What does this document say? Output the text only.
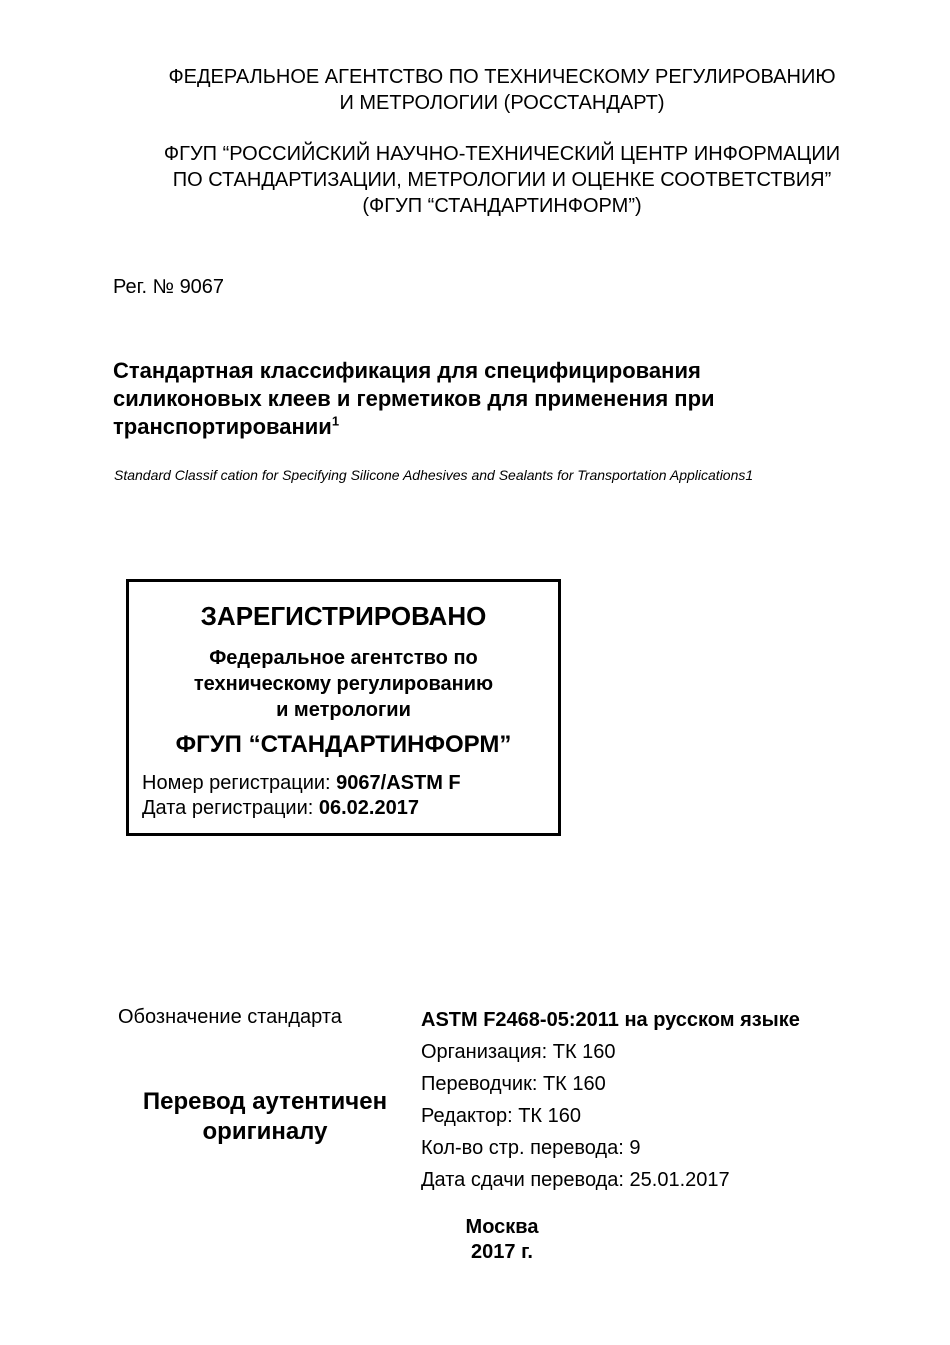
ФЕДЕРАЛЬНОЕ АГЕНТСТВО ПО ТЕХНИЧЕСКОМУ РЕГУЛИРОВАНИЮ
И МЕТРОЛОГИИ (РОССТАНДАРТ)
ФГУП “РОССИЙСКИЙ НАУЧНО-ТЕХНИЧЕСКИЙ ЦЕНТР ИНФОРМАЦИИ
ПО СТАНДАРТИЗАЦИИ, МЕТРОЛОГИИ И ОЦЕНКЕ СООТВЕТСТВИЯ”
(ФГУП “СТАНДАРТИНФОРМ”)
Рег. № 9067
Стандартная классификация для специфицирования
силиконовых клеев и герметиков для применения при
транспортировании$^1$
Standard Classif cation for Specifying Silicone Adhesives and Sealants for Transportation Applications1
ЗАРЕГИСТРИРОВАНО
Федеральное агентство по
техническому регулированию
и метрологии
ФГУП “СТАНДАРТИНФОРМ”
Номер регистрации: 9067/ASTM F
Дата регистрации: 06.02.2017
Обозначение стандарта
Перевод аутентичен
оригиналу
ASTM F2468-05:2011 на русском языке
Организация: ТК 160
Переводчик: ТК 160
Редактор: ТК 160
Кол-во стр. перевода: 9
Дата сдачи перевода: 25.01.2017
Москва
2017 г.
